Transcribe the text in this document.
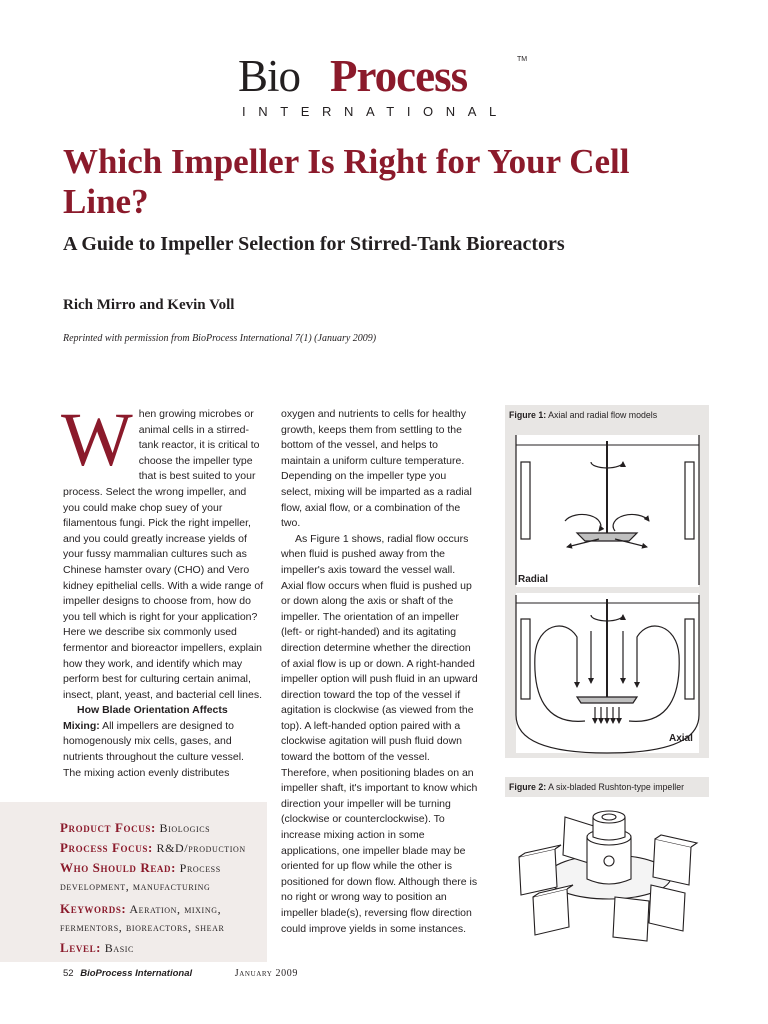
Bio Process	TM
INTERNATIONAL
Which Impeller Is Right for Your Cell Line?
A Guide to Impeller Selection for Stirred-Tank Bioreactors
Rich Mirro and Kevin Voll
Reprinted with permission from BioProcess International 7(1) (January 2009)

When growing microbes or animal cells in a stirred-tank reactor, it is critical to choose the impeller type that is best suited to your process. Select the wrong impeller, and you could make chop suey of your filamentous fungi. Pick the right impeller, and you could greatly increase yields of your fussy mammalian cultures such as Chinese hamster ovary (CHO) and Vero kidney epithelial cells. With a wide range of impeller designs to choose from, how do you tell which is right for your application? Here we describe six commonly used fermentor and bioreactor impellers, explain how they work, and identify which may perform best for culturing certain animal, insect, plant, yeast, and bacterial cell lines.

How Blade Orientation Affects Mixing: All impellers are designed to homogenously mix cells, gases, and nutrients throughout the culture vessel. The mixing action evenly distributes

oxygen and nutrients to cells for healthy growth, keeps them from settling to the bottom of the vessel, and helps to maintain a uniform culture temperature. Depending on the impeller type you select, mixing will be imparted as a radial flow, axial flow, or a combination of the two.

As Figure 1 shows, radial flow occurs when fluid is pushed away from the impeller's axis toward the vessel wall. Axial flow occurs when fluid is pushed up or down along the axis or shaft of the impeller. The orientation of an impeller (left- or right-handed) and its agitating direction determine whether the direction of axial flow is up or down. A right-handed impeller option will push fluid in an upward direction toward the top of the vessel if agitation is clockwise (as viewed from the top). A left-handed option paired with a clockwise agitation will push fluid down toward the bottom of the vessel. Therefore, when positioning blades on an impeller shaft, it's important to know which direction your impeller will be turning (clockwise or counterclockwise). To increase mixing action in some applications, one impeller blade may be oriented for up flow while the other is positioned for down flow. Although there is no right or wrong way to position an impeller blade(s), reversing flow direction could improve yields in some instances.

Product Focus: Biologics
Process Focus: R&D/production
Who Should Read: Process
development, manufacturing
Keywords: Aeration, mixing,
fermentors, bioreactors, shear
Level: Basic
Figure 1: Axial and radial flow models
Radial
Axial
Figure 2: A six-bladed Rushton-type impeller
52 BioProcess International	January 2009
